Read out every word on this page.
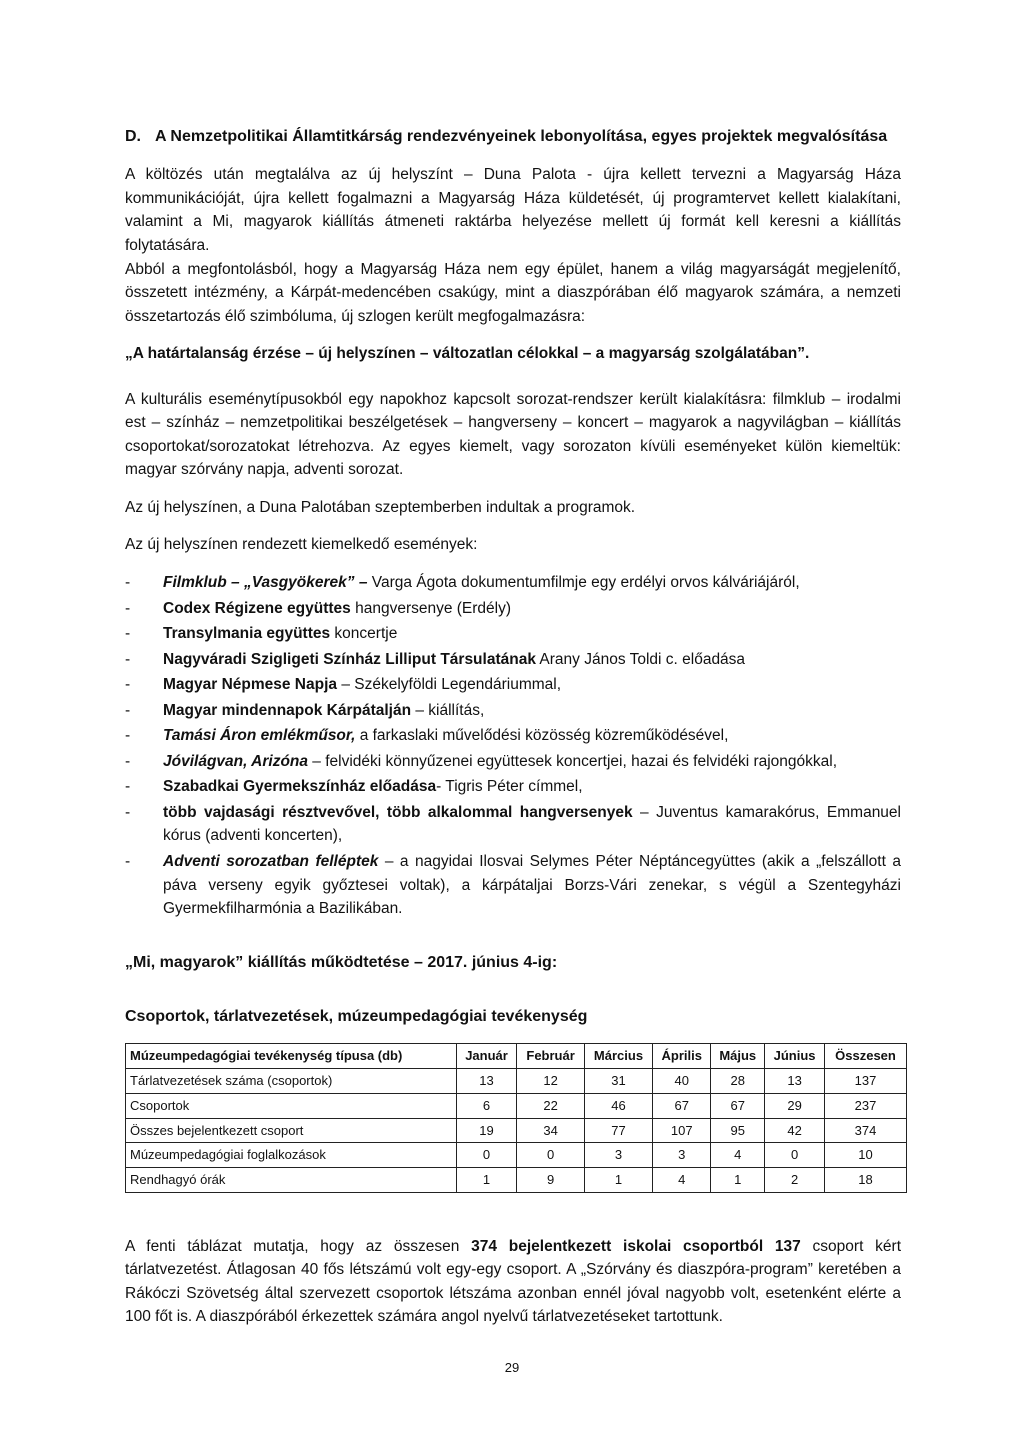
D. A Nemzetpolitikai Államtitkárság rendezvényeinek lebonyolítása, egyes projektek megvalósítása

A költözés után megtalálva az új helyszínt – Duna Palota - újra kellett tervezni a Magyarság Háza kommunikációját, újra kellett fogalmazni a Magyarság Háza küldetését, új programtervet kellett kialakítani, valamint a Mi, magyarok kiállítás átmeneti raktárba helyezése mellett új formát kell keresni a kiállítás folytatására.

Abból a megfontolásból, hogy a Magyarság Háza nem egy épület, hanem a világ magyarságát megjelenítő, összetett intézmény, a Kárpát-medencében csakúgy, mint a diaszpórában élő magyarok számára, a nemzeti összetartozás élő szimbóluma, új szlogen került megfogalmazásra:

„A határtalanság érzése – új helyszínen – változatlan célokkal – a magyarság szolgálatában”.

A kulturális eseménytípusokból egy napokhoz kapcsolt sorozat-rendszer került kialakításra: filmklub – irodalmi est – színház – nemzetpolitikai beszélgetések – hangverseny – koncert – magyarok a nagyvilágban – kiállítás csoportokat/sorozatokat létrehozva. Az egyes kiemelt, vagy sorozaton kívüli eseményeket külön kiemeltük: magyar szórvány napja, adventi sorozat.

Az új helyszínen, a Duna Palotában szeptemberben indultak a programok.

Az új helyszínen rendezett kiemelkedő események:

-	Filmklub – „Vasgyökerek” – Varga Ágota dokumentumfilmje egy erdélyi orvos kálváriájáról,
-	Codex Régizene együttes hangversenye (Erdély)
-	Transylmania együttes koncertje
-	Nagyváradi Szigligeti Színház Lilliput Társulatának Arany János Toldi c. előadása
-	Magyar Népmese Napja – Székelyföldi Legendáriummal,
-	Magyar mindennapok Kárpátalján – kiállítás,
-	Tamási Áron emlékműsor, a farkaslaki művelődési közösség közreműködésével,
-	Jóvilágvan, Arizóna – felvidéki könnyűzenei együttesek koncertjei, hazai és felvidéki rajongókkal,
-	Szabadkai Gyermekszínház előadása- Tigris Péter címmel,
-	több vajdasági résztvevővel, több alkalommal hangversenyek – Juventus kamarakórus, Emmanuel kórus (adventi koncerten),
-	Adventi sorozatban felléptek – a nagyidai Ilosvai Selymes Péter Néptáncegyüttes (akik a „felszállott a páva verseny egyik győztesei voltak), a kárpátaljai Borzs-Vári zenekar, s végül a Szentegyházi Gyermekfilharmónia a Bazilikában.

„Mi, magyarok” kiállítás működtetése – 2017. június 4-ig:

Csoportok, tárlatvezetések, múzeumpedagógiai tevékenység

Múzeumpedagógiai tevékenység típusa (db)	Január	Február	Március	Április	Május	Június	Összesen
Tárlatvezetések száma (csoportok)	13	12	31	40	28	13	137
Csoportok	6	22	46	67	67	29	237
Összes bejelentkezett csoport	19	34	77	107	95	42	374
Múzeumpedagógiai foglalkozások	0	0	3	3	4	0	10
Rendhagyó órák	1	9	1	4	1	2	18

A fenti táblázat mutatja, hogy az összesen 374 bejelentkezett iskolai csoportból 137 csoport kért tárlatvezetést. Átlagosan 40 fős létszámú volt egy-egy csoport. A „Szórvány és diaszpóra-program” keretében a Rákóczi Szövetség által szervezett csoportok létszáma azonban ennél jóval nagyobb volt, esetenként elérte a 100 főt is. A diaszpórából érkezettek számára angol nyelvű tárlatvezetéseket tartottunk.

29
